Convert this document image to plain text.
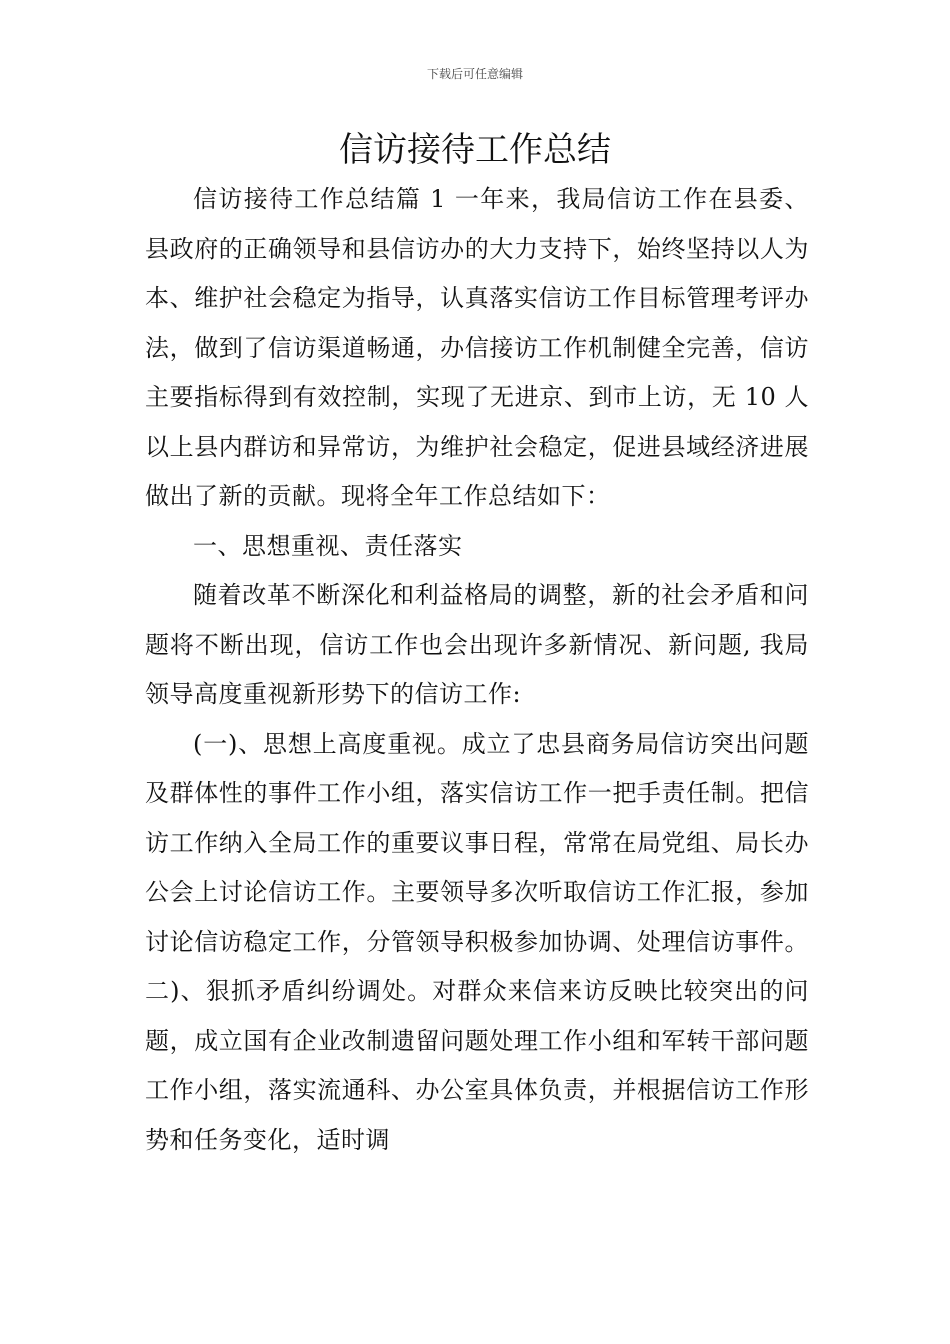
下载后可任意编辑
信访接待工作总结

信访接待工作总结篇 1 一年来，我局信访工作在县委、县政府的正确领导和县信访办的大力支持下，始终坚持以人为本、维护社会稳定为指导，认真落实信访工作目标管理考评办法，做到了信访渠道畅通，办信接访工作机制健全完善，信访主要指标得到有效控制，实现了无进京、到市上访，无 10 人以上县内群访和异常访，为维护社会稳定，促进县域经济进展做出了新的贡献。现将全年工作总结如下：

一、思想重视、责任落实

随着改革不断深化和利益格局的调整，新的社会矛盾和问题将不断出现，信访工作也会出现许多新情况、新问题, 我局领导高度重视新形势下的信访工作:

(一)、思想上高度重视。成立了忠县商务局信访突出问题及群体性的事件工作小组，落实信访工作一把手责任制。把信访工作纳入全局工作的重要议事日程，常常在局党组、局长办公会上讨论信访工作。主要领导多次听取信访工作汇报，参加讨论信访稳定工作，分管领导积极参加协调、处理信访事件。二)、狠抓矛盾纠纷调处。对群众来信来访反映比较突出的问题，成立国有企业改制遗留问题处理工作小组和军转干部问题工作小组，落实流通科、办公室具体负责，并根据信访工作形势和任务变化，适时调
